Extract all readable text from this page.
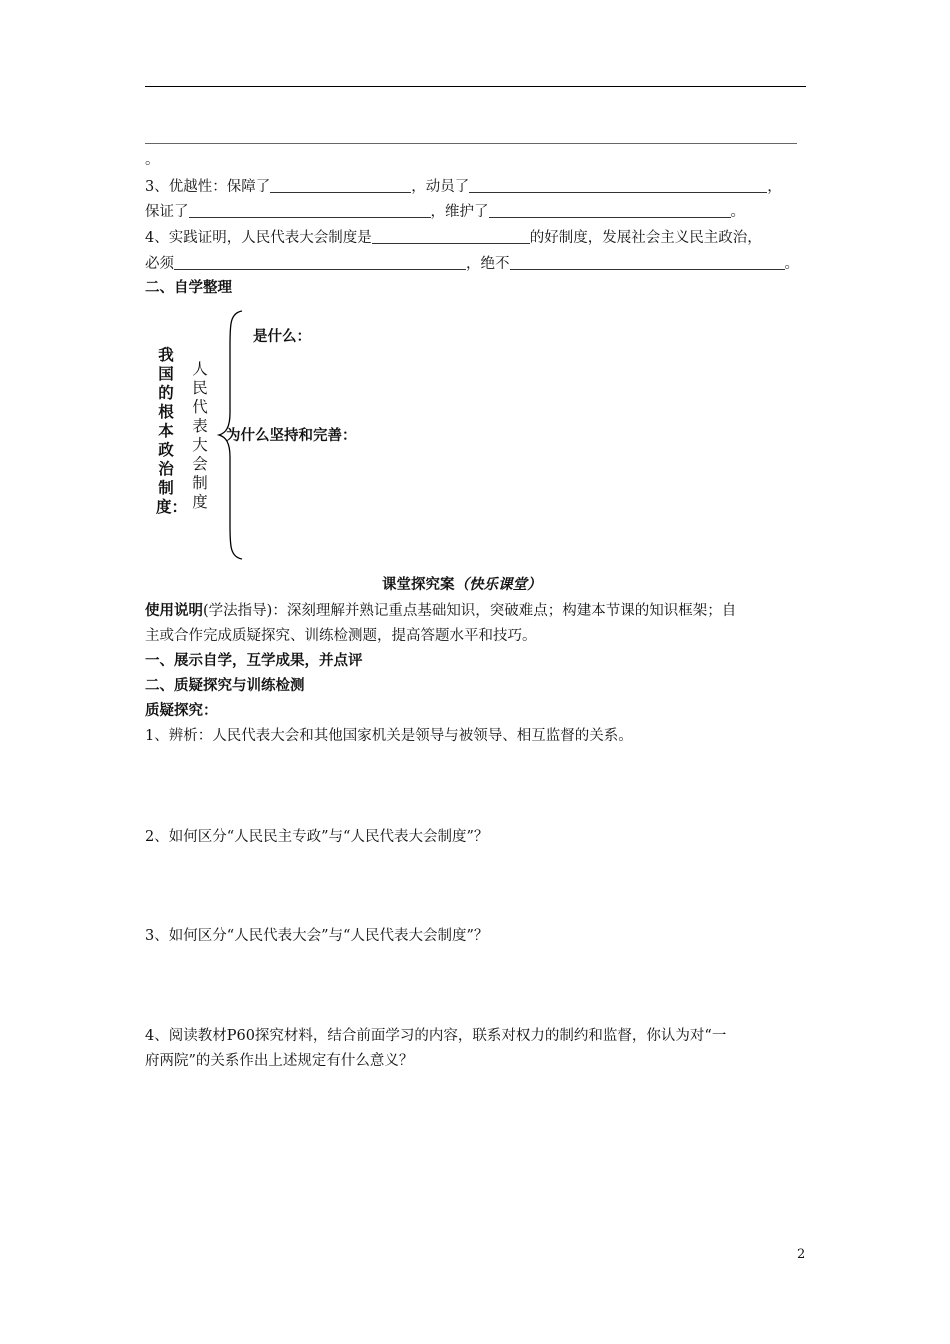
。
3、优越性：保障了	，动员了	，
保证了	，维护了	。
4、实践证明，人民代表大会制度是	的好制度，发展社会主义民主政治，
必须	，绝不	。
二、自学整理
我国的根本政治制度：
人民代表大会制度
是什么：
为什么坚持和完善：
课堂探究案（快乐课堂）
使用说明(学法指导)：深刻理解并熟记重点基础知识，突破难点；构建本节课的知识框架；自
主或合作完成质疑探究、训练检测题，提高答题水平和技巧。
一、展示自学，互学成果，并点评
二、质疑探究与训练检测
质疑探究：
1、辨析：人民代表大会和其他国家机关是领导与被领导、相互监督的关系。
2、如何区分“人民民主专政”与“人民代表大会制度”？
3、如何区分“人民代表大会”与“人民代表大会制度”？
4、阅读教材P60探究材料，结合前面学习的内容，联系对权力的制约和监督，你认为对“一
府两院”的关系作出上述规定有什么意义？
2
